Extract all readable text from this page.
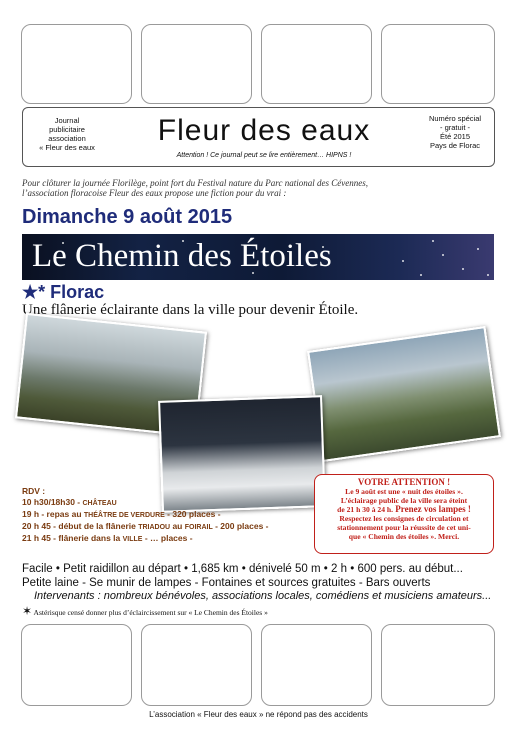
Journal
publicitaire
association
« Fleur des eaux
Fleur des eaux
Attention ! Ce journal peut se lire entièrement… HIPNS !
Numéro spécial
- gratuit -
Été 2015
Pays de Florac
Pour clôturer la journée Florilège, point fort du Festival nature du Parc national des Cévennes,
l’association floracoise Fleur des eaux propose une fiction pour du vrai :
Dimanche 9 août 2015
Le Chemin des Étoiles
★* Florac
Une flânerie éclairante dans la ville pour devenir Étoile.
RDV :
10 h30/18h30 - CHÂTEAU
19 h - repas au THÉÂTRE DE VERDURE - 320 places -
20 h 45 - début de la flânerie TRIADOU au FOIRAIL - 200 places -
21 h 45 - flânerie dans la VILLE - … places -
VOTRE ATTENTION !
Le 9 août est une « nuit des étoiles ».
L’éclairage public de la ville sera éteint
de 21 h 30 à 24 h. Prenez vos lampes !
Respectez les consignes de circulation et
stationnement pour la réussite de cet uni-
que « Chemin des étoiles ». Merci.
Facile • Petit raidillon au départ • 1,685 km • dénivelé 50 m • 2 h • 600 pers. au début...
Petite laine - Se munir de lampes - Fontaines et sources gratuites - Bars ouverts
Intervenants : nombreux bénévoles, associations locales, comédiens et musiciens amateurs...
✶ Astérisque censé donner plus d’éclaircissement sur « Le Chemin des Étoiles »
L’association « Fleur des eaux » ne répond pas des accidents
